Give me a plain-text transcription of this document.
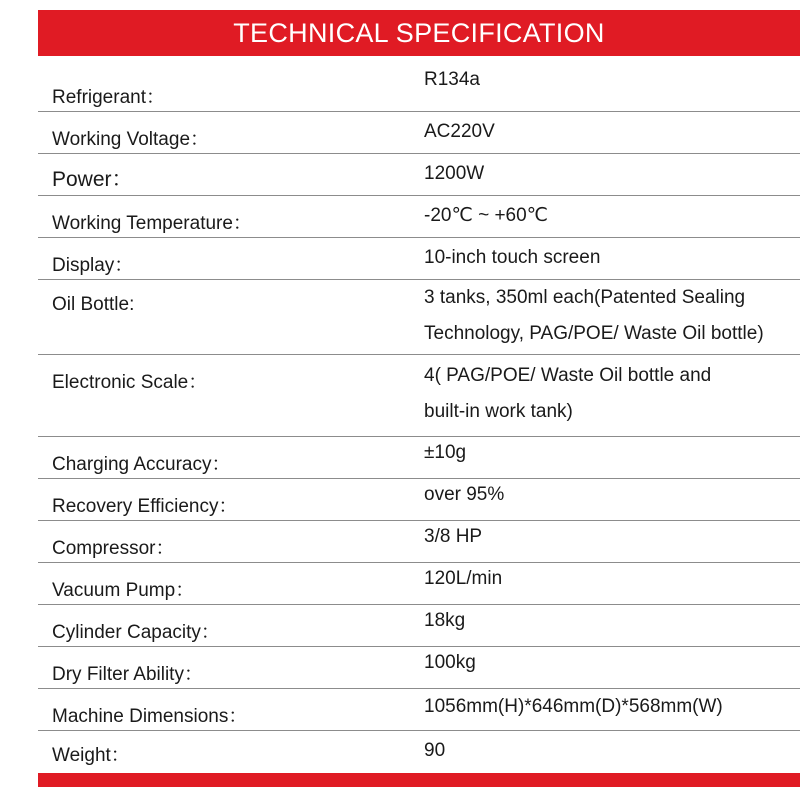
TECHNICAL SPECIFICATION
Refrigerant：
R134a
Working Voltage：	AC220V
Power：	1200W
Working Temperature：	-20℃ ~ +60℃
Display：	10-inch touch screen
Oil Bottle:	3 tanks, 350ml each(Patented Sealing
Technology, PAG/POE/ Waste Oil bottle)
Electronic Scale：	4( PAG/POE/ Waste Oil bottle and
built-in work tank)
Charging Accuracy：
±10g
Recovery Efficiency：
over 95%
Compressor：
3/8 HP
Vacuum Pump：
120L/min
Cylinder Capacity：
18kg
Dry Filter Ability：
100kg
Machine Dimensions：	1056mm(H)*646mm(D)*568mm(W)
Weight：	90
